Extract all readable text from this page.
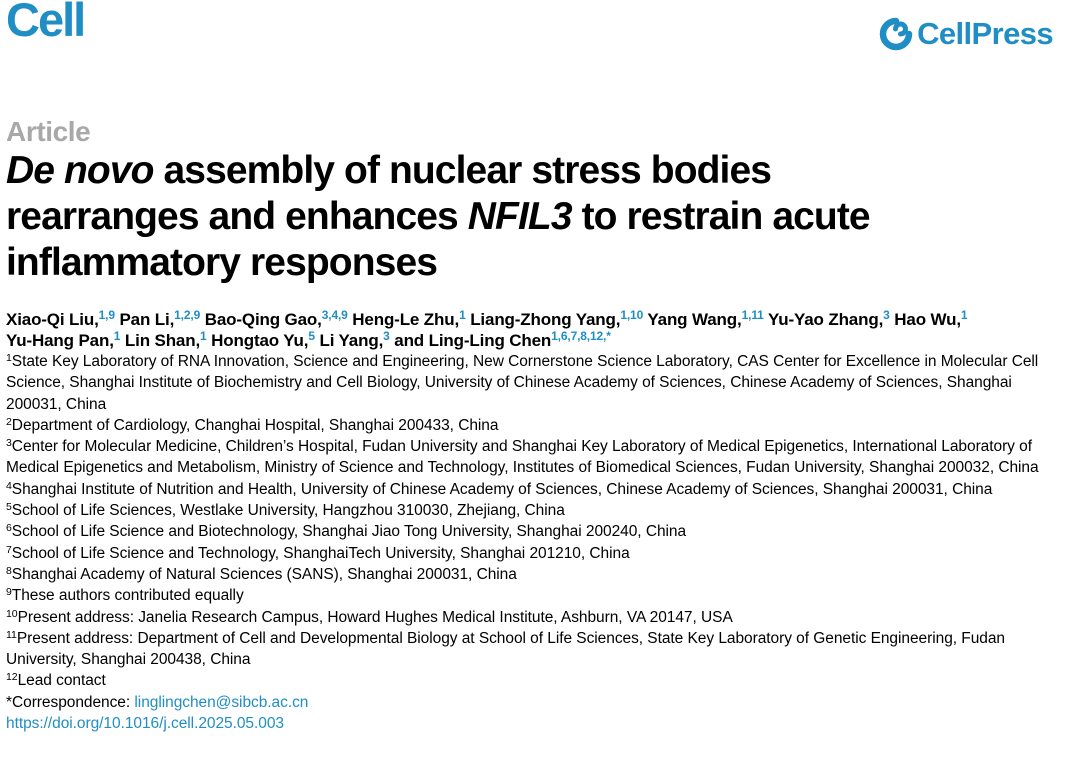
Cell	CellPress
Article
De novo assembly of nuclear stress bodies rearranges and enhances NFIL3 to restrain acute inflammatory responses
Xiao-Qi Liu,$^{1,9}$ Pan Li,$^{1,2,9}$ Bao-Qing Gao,$^{3,4,9}$ Heng-Le Zhu,$^1$ Liang-Zhong Yang,$^{1,10}$ Yang Wang,$^{1,11}$ Yu-Yao Zhang,$^3$ Hao Wu,$^1$ Yu-Hang Pan,$^1$ Lin Shan,$^1$ Hongtao Yu,$^5$ Li Yang,$^3$ and Ling-Ling Chen$^{1,6,7,8,12,*}$
$^1$State Key Laboratory of RNA Innovation, Science and Engineering, New Cornerstone Science Laboratory, CAS Center for Excellence in Molecular Cell Science, Shanghai Institute of Biochemistry and Cell Biology, University of Chinese Academy of Sciences, Chinese Academy of Sciences, Shanghai 200031, China
$^2$Department of Cardiology, Changhai Hospital, Shanghai 200433, China
$^3$Center for Molecular Medicine, Children’s Hospital, Fudan University and Shanghai Key Laboratory of Medical Epigenetics, International Laboratory of Medical Epigenetics and Metabolism, Ministry of Science and Technology, Institutes of Biomedical Sciences, Fudan University, Shanghai 200032, China
$^4$Shanghai Institute of Nutrition and Health, University of Chinese Academy of Sciences, Chinese Academy of Sciences, Shanghai 200031, China
$^5$School of Life Sciences, Westlake University, Hangzhou 310030, Zhejiang, China
$^6$School of Life Science and Biotechnology, Shanghai Jiao Tong University, Shanghai 200240, China
$^7$School of Life Science and Technology, ShanghaiTech University, Shanghai 201210, China
$^8$Shanghai Academy of Natural Sciences (SANS), Shanghai 200031, China
$^9$These authors contributed equally
$^{10}$Present address: Janelia Research Campus, Howard Hughes Medical Institute, Ashburn, VA 20147, USA
$^{11}$Present address: Department of Cell and Developmental Biology at School of Life Sciences, State Key Laboratory of Genetic Engineering, Fudan University, Shanghai 200438, China
$^{12}$Lead contact
*Correspondence: linglingchen@sibcb.ac.cn
https://doi.org/10.1016/j.cell.2025.05.003
